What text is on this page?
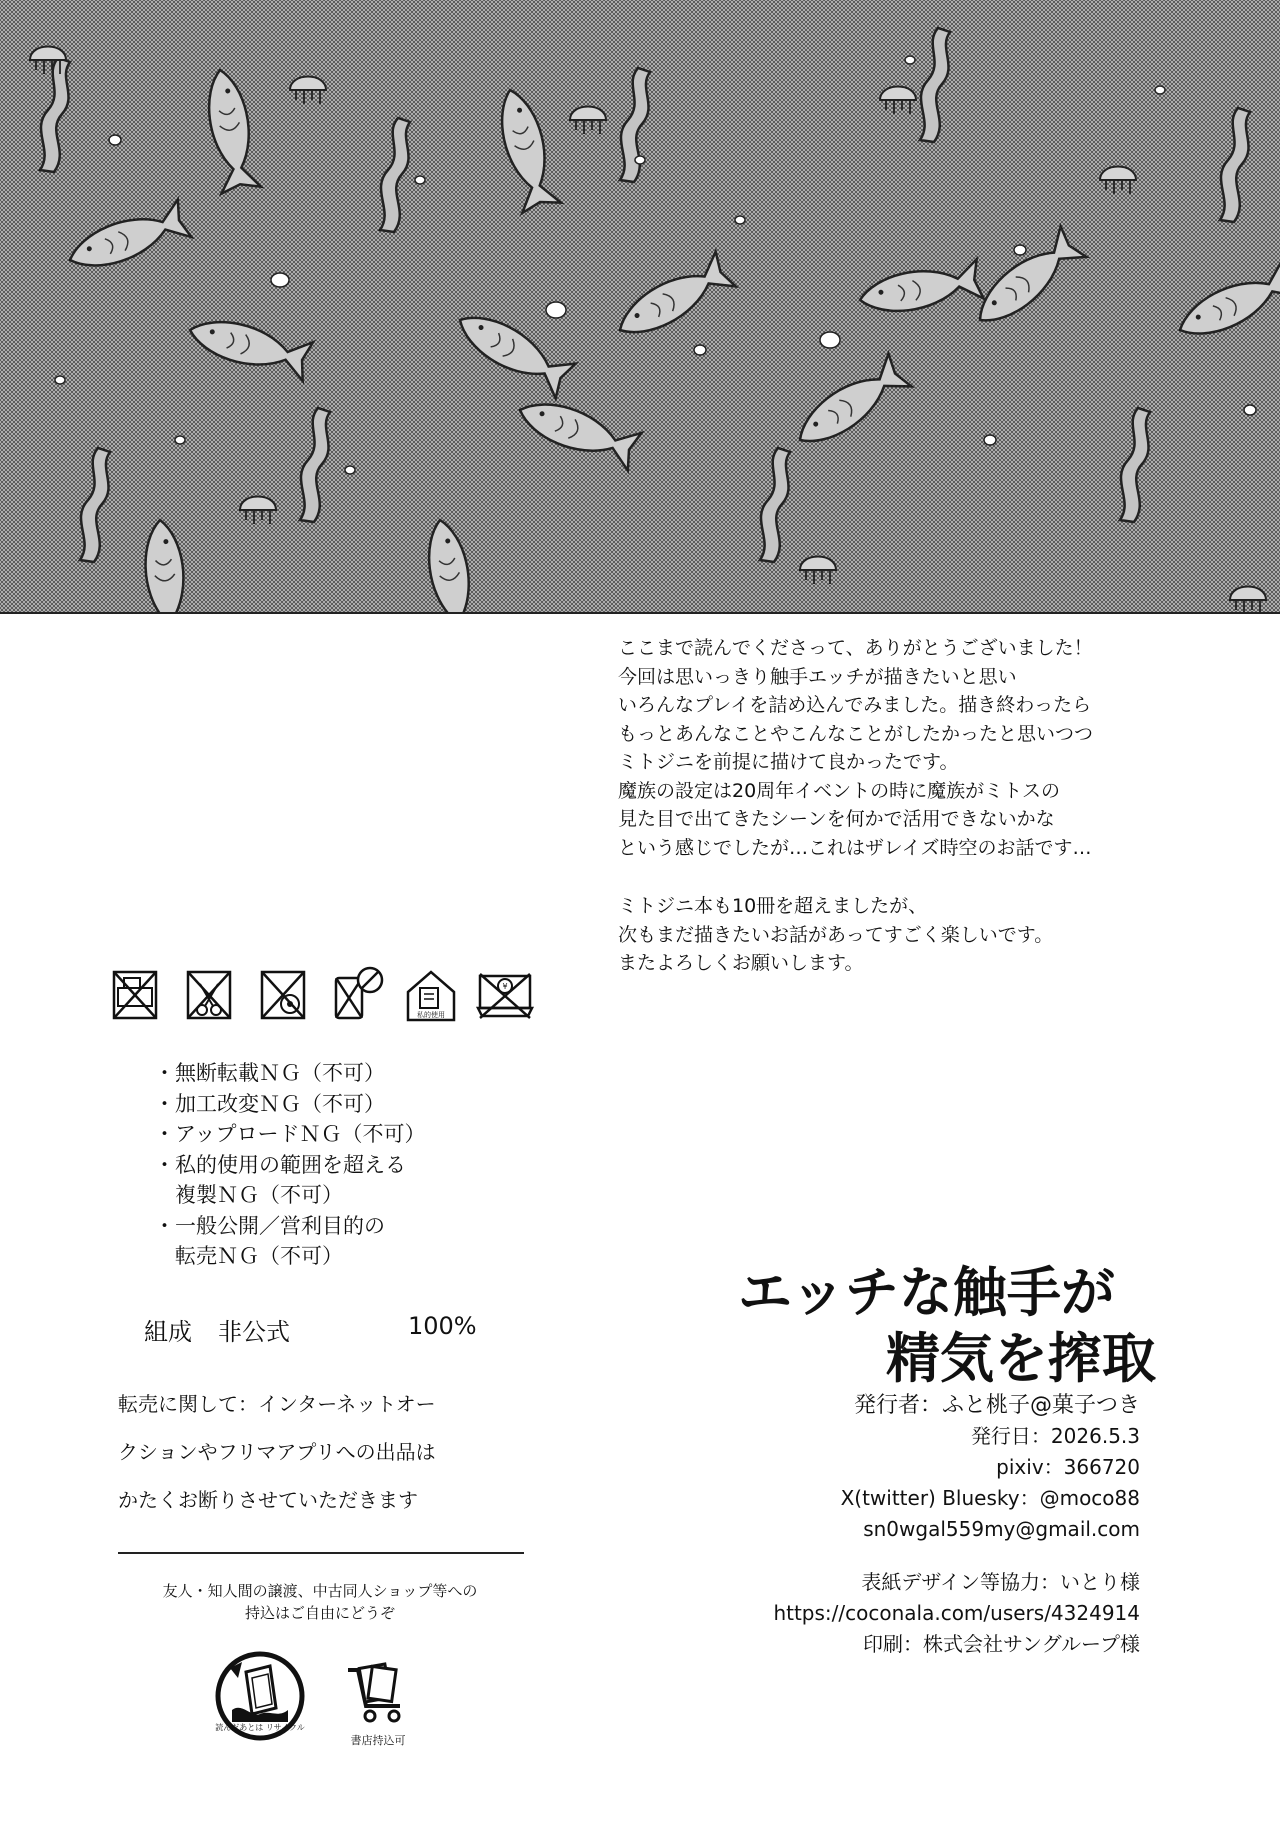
ここまで読んでくださって、ありがとうございました！
今回は思いっきり触手エッチが描きたいと思い
いろんなプレイを詰め込んでみました。描き終わったら
もっとあんなことやこんなことがしたかったと思いつつ
ミトジニを前提に描けて良かったです。
魔族の設定は20周年イベントの時に魔族がミトスの
見た目で出てきたシーンを何かで活用できないかな
という感じでしたが…これはザレイズ時空のお話です…
ミトジニ本も10冊を超えましたが、
次もまだ描きたいお話があってすごく楽しいです。
またよろしくお願いします。
私的使用
¥
・無断転載ＮＧ（不可）
・加工改変ＮＧ（不可）
・アップロードＮＧ（不可）
・私的使用の範囲を超える
　複製ＮＧ（不可）
・一般公開／営利目的の
　転売ＮＧ（不可）
組成	非公式	100%
転売に関して：インターネットオー
クションやフリマアプリへの出品は
かたくお断りさせていただきます
友人・知人間の譲渡、中古同人ショップ等への
持込はご自由にどうぞ
読んだあとは リサイクル
書店持込可
エッチな触手が
精気を搾取
発行者：ふと桃子@菓子つき
発行日：2026.5.3
pixiv：366720
X(twitter) Bluesky：@moco88
sn0wgal559my@gmail.com
表紙デザイン等協力：いとり様
https://coconala.com/users/4324914
印刷：株式会社サングループ様
